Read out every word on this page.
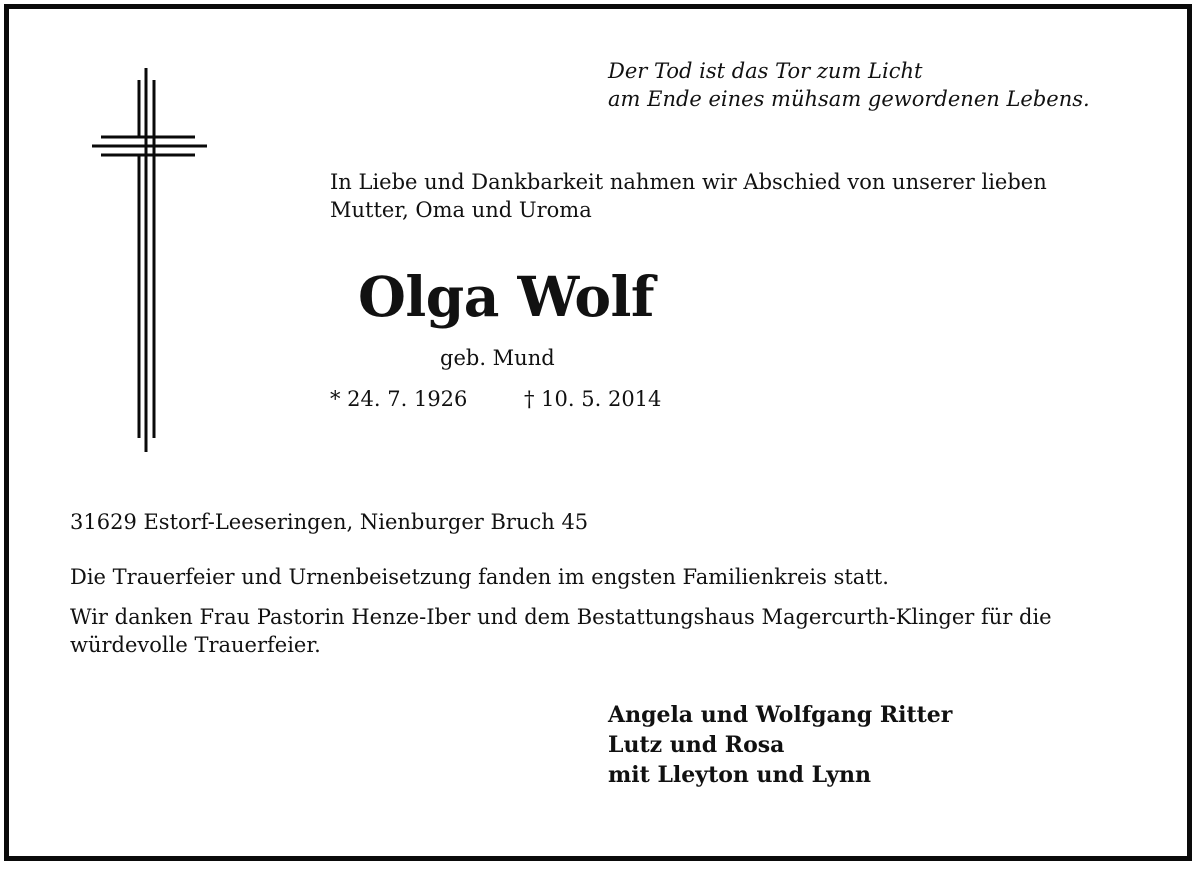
Der Tod ist das Tor zum Licht
am Ende eines mühsam gewordenen Lebens.
In Liebe und Dankbarkeit nahmen wir Abschied von unserer lieben
Mutter, Oma und Uroma
Olga Wolf
geb. Mund
* 24. 7. 1926	† 10. 5. 2014
31629 Estorf-Leeseringen, Nienburger Bruch 45
Die Trauerfeier und Urnenbeisetzung fanden im engsten Familienkreis statt.
Wir danken Frau Pastorin Henze-Iber und dem Bestattungshaus Magercurth-Klinger für die
würdevolle Trauerfeier.
Angela und Wolfgang Ritter
Lutz und Rosa
mit Lleyton und Lynn
